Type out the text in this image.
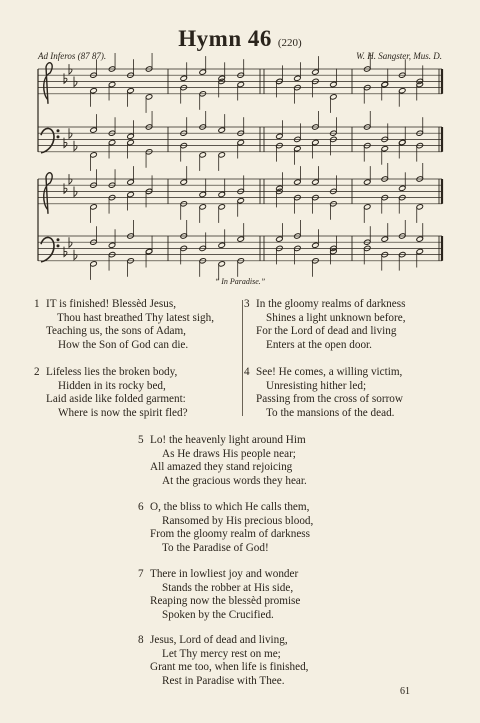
Hymn 46 (220)
Ad Inferos (87 87).	W. H. Sangster, Mus. D.
“ In Paradise.”
1 IT is finished! Blessèd Jesus,
Thou hast breathed Thy latest sigh,
Teaching us, the sons of Adam,
How the Son of God can die.
2 Lifeless lies the broken body,
Hidden in its rocky bed,
Laid aside like folded garment:
Where is now the spirit fled?
3 In the gloomy realms of darkness
Shines a light unknown before,
For the Lord of dead and living
Enters at the open door.
4 See! He comes, a willing victim,
Unresisting hither led;
Passing from the cross of sorrow
To the mansions of the dead.
5 Lo! the heavenly light around Him
As He draws His people near;
All amazed they stand rejoicing
At the gracious words they hear.
6 O, the bliss to which He calls them,
Ransomed by His precious blood,
From the gloomy realm of darkness
To the Paradise of God!
7 There in lowliest joy and wonder
Stands the robber at His side,
Reaping now the blessèd promise
Spoken by the Crucified.
8 Jesus, Lord of dead and living,
Let Thy mercy rest on me;
Grant me too, when life is finished,
Rest in Paradise with Thee.
61
